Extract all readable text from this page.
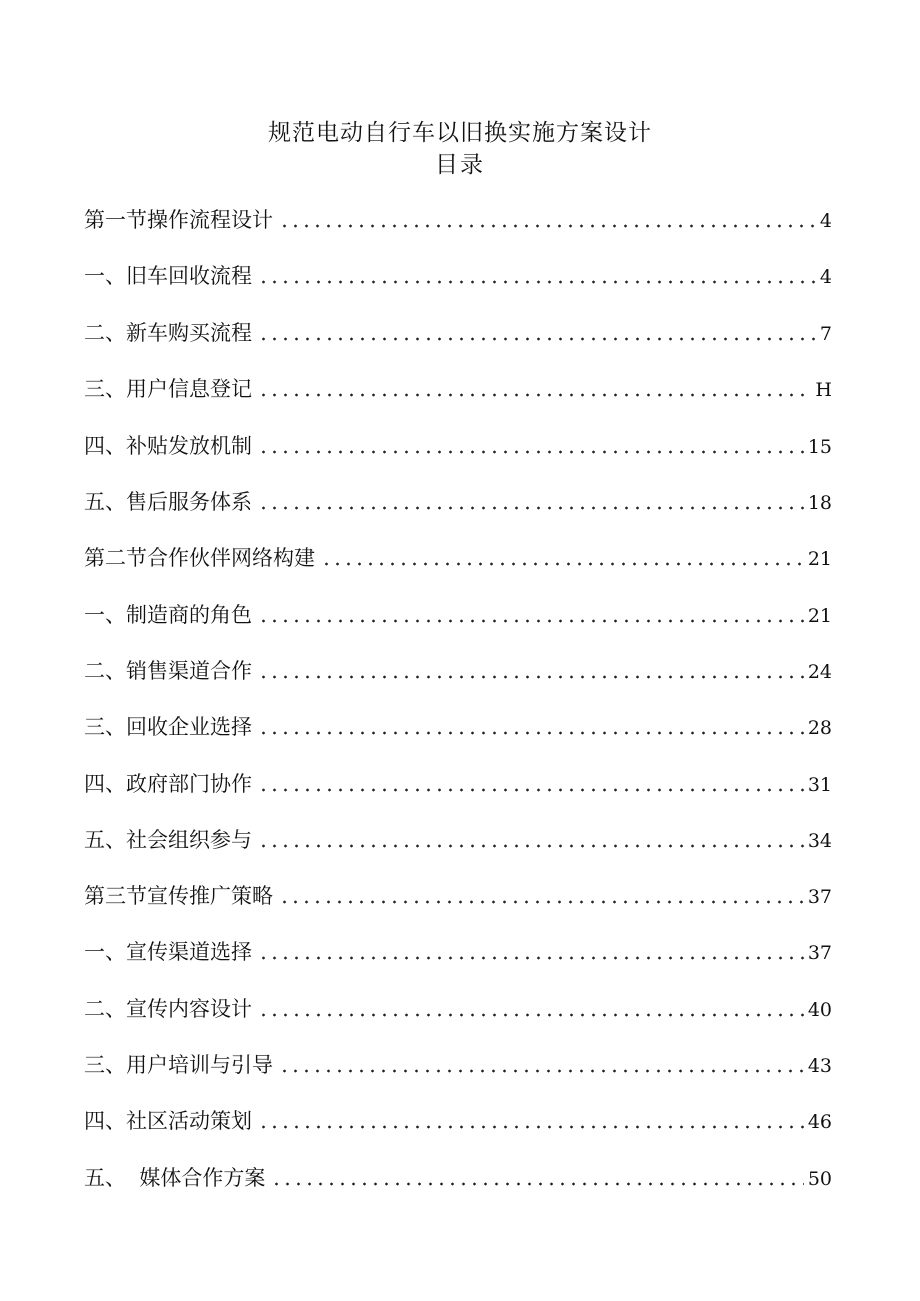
规范电动自行车以旧换实施方案设计
目录
第一节操作流程设计	4
一、旧车回收流程	4
二、新车购买流程	7
三、用户信息登记	H
四、补贴发放机制	15
五、售后服务体系	18
第二节合作伙伴网络构建	21
一、制造商的角色	21
二、销售渠道合作	24
三、回收企业选择	28
四、政府部门协作	31
五、社会组织参与	34
第三节宣传推广策略	37
一、宣传渠道选择	37
二、宣传内容设计	40
三、用户培训与引导	43
四、社区活动策划	46
五、  媒体合作方案	50
